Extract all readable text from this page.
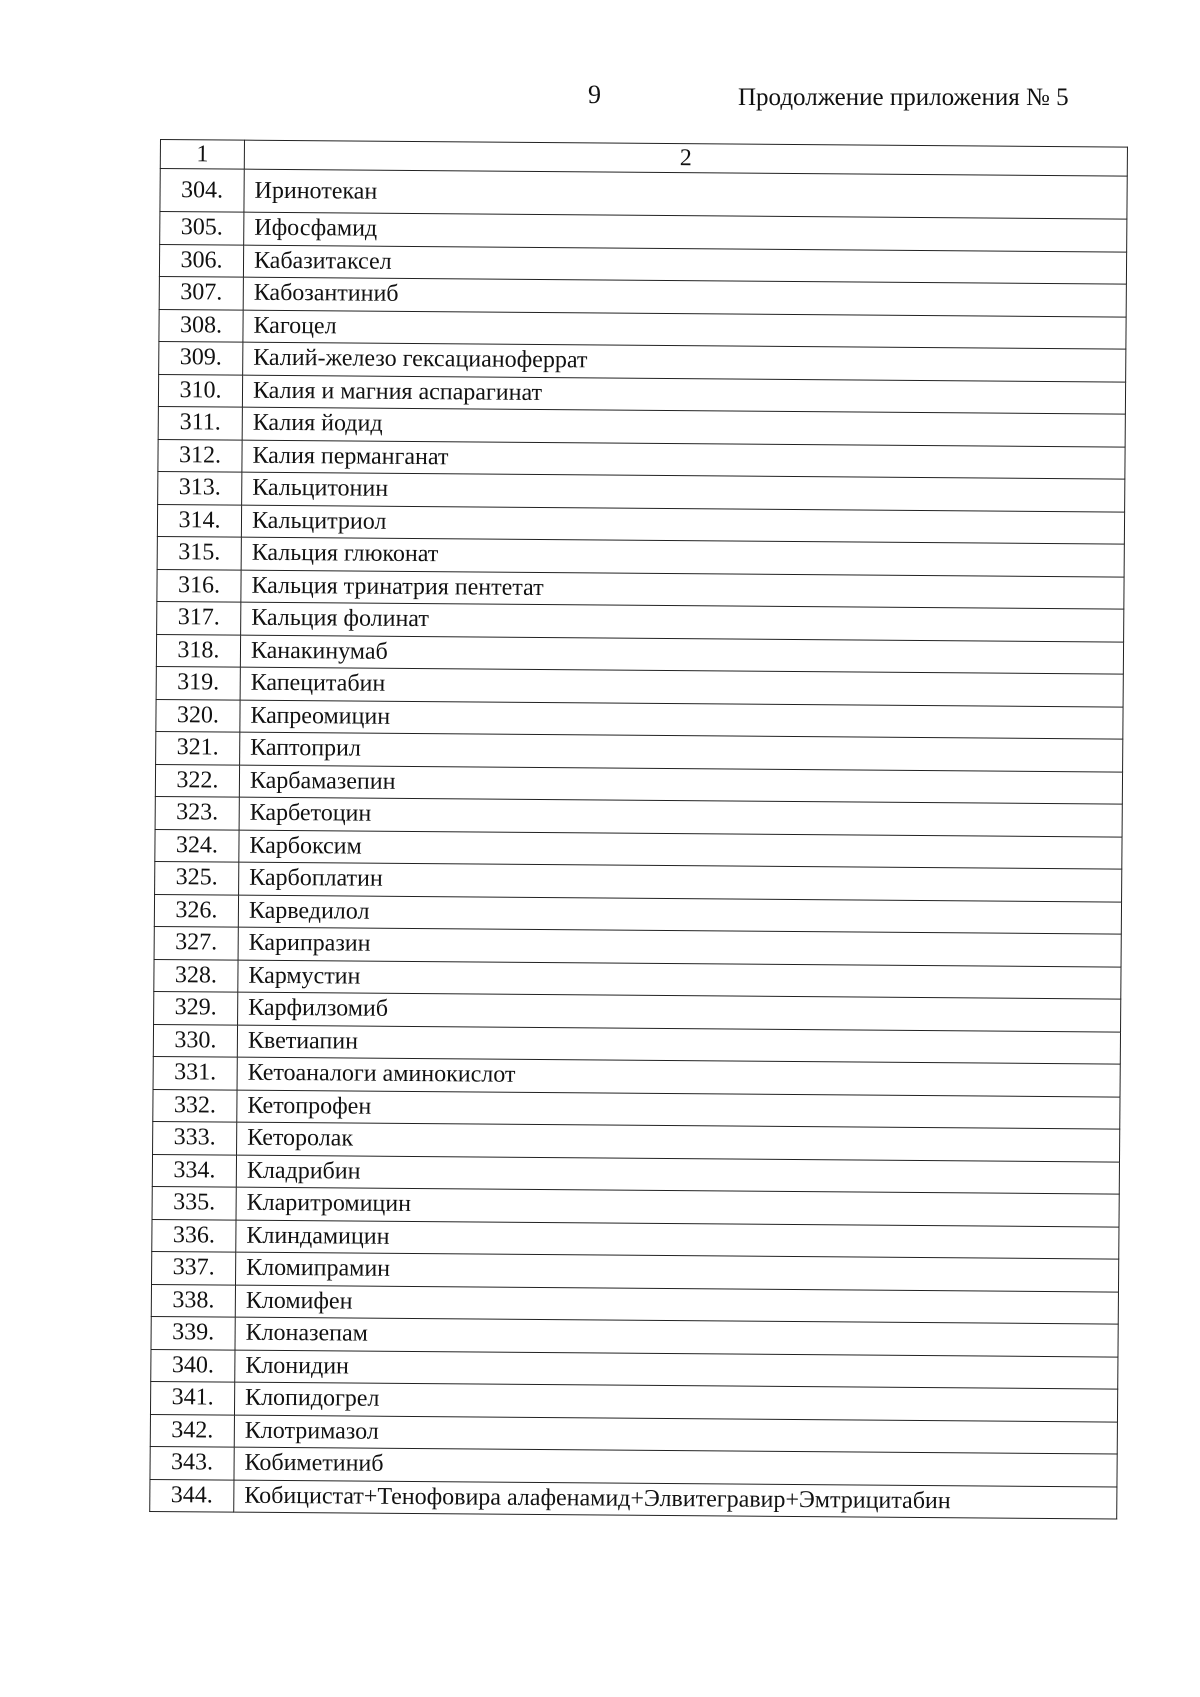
9	Продолжение приложения № 5
1	2
304.	Иринотекан
305.	Ифосфамид
306.	Кабазитаксел
307.	Кабозантиниб
308.	Кагоцел
309.	Калий-железо гексацианоферрат
310.	Калия и магния аспарагинат
311.	Калия йодид
312.	Калия перманганат
313.	Кальцитонин
314.	Кальцитриол
315.	Кальция глюконат
316.	Кальция тринатрия пентетат
317.	Кальция фолинат
318.	Канакинумаб
319.	Капецитабин
320.	Капреомицин
321.	Каптоприл
322.	Карбамазепин
323.	Карбетоцин
324.	Карбоксим
325.	Карбоплатин
326.	Карведилол
327.	Карипразин
328.	Кармустин
329.	Карфилзомиб
330.	Кветиапин
331.	Кетоаналоги аминокислот
332.	Кетопрофен
333.	Кеторолак
334.	Кладрибин
335.	Кларитромицин
336.	Клиндамицин
337.	Кломипрамин
338.	Кломифен
339.	Клоназепам
340.	Клонидин
341.	Клопидогрел
342.	Клотримазол
343.	Кобиметиниб
344.	Кобицистат+Тенофовира алафенамид+Элвитегравир+Эмтрицитабин
